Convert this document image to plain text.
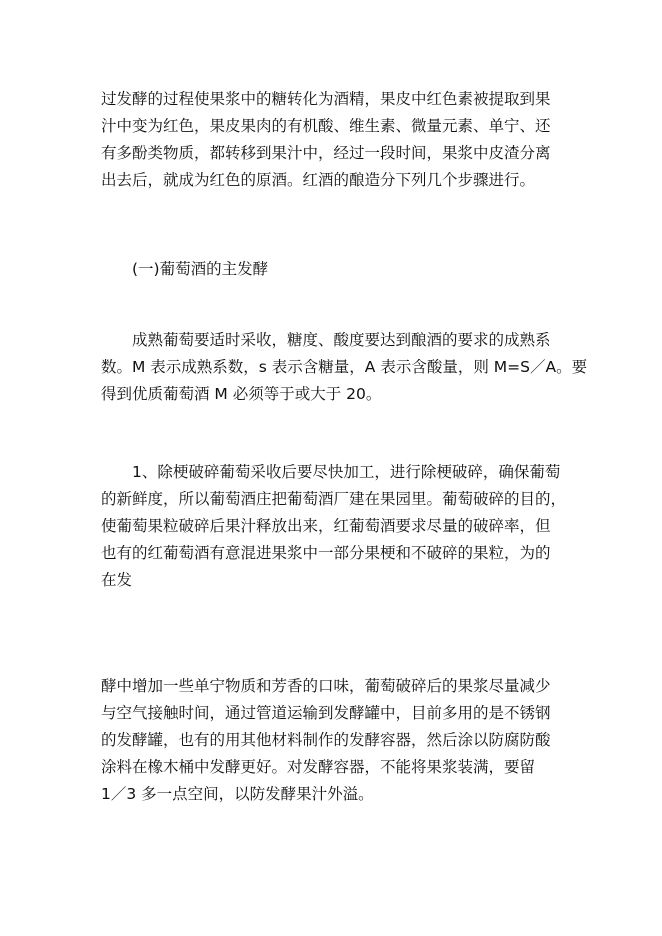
过发酵的过程使果浆中的糖转化为酒精，果皮中红色素被提取到果
汁中变为红色，果皮果肉的有机酸、维生素、微量元素、单宁、还
有多酚类物质，都转移到果汁中，经过一段时间，果浆中皮渣分离
出去后，就成为红色的原酒。红酒的酿造分下列几个步骤进行。
(一)葡萄酒的主发酵
成熟葡萄要适时采收，糖度、酸度要达到酿酒的要求的成熟系
数。M 表示成熟系数，s 表示含糖量，A 表示含酸量，则 M=S／A。要
得到优质葡萄酒 M 必须等于或大于 20。
1、除梗破碎葡萄采收后要尽快加工，进行除梗破碎，确保葡萄
的新鲜度，所以葡萄酒庄把葡萄酒厂建在果园里。葡萄破碎的目的，
使葡萄果粒破碎后果汁释放出来，红葡萄酒要求尽量的破碎率，但
也有的红葡萄酒有意混进果浆中一部分果梗和不破碎的果粒，为的
在发
酵中增加一些单宁物质和芳香的口味，葡萄破碎后的果浆尽量减少
与空气接触时间，通过管道运输到发酵罐中，目前多用的是不锈钢
的发酵罐，也有的用其他材料制作的发酵容器，然后涂以防腐防酸
涂料在橡木桶中发酵更好。对发酵容器，不能将果浆装满，要留
1／3 多一点空间，以防发酵果汁外溢。
